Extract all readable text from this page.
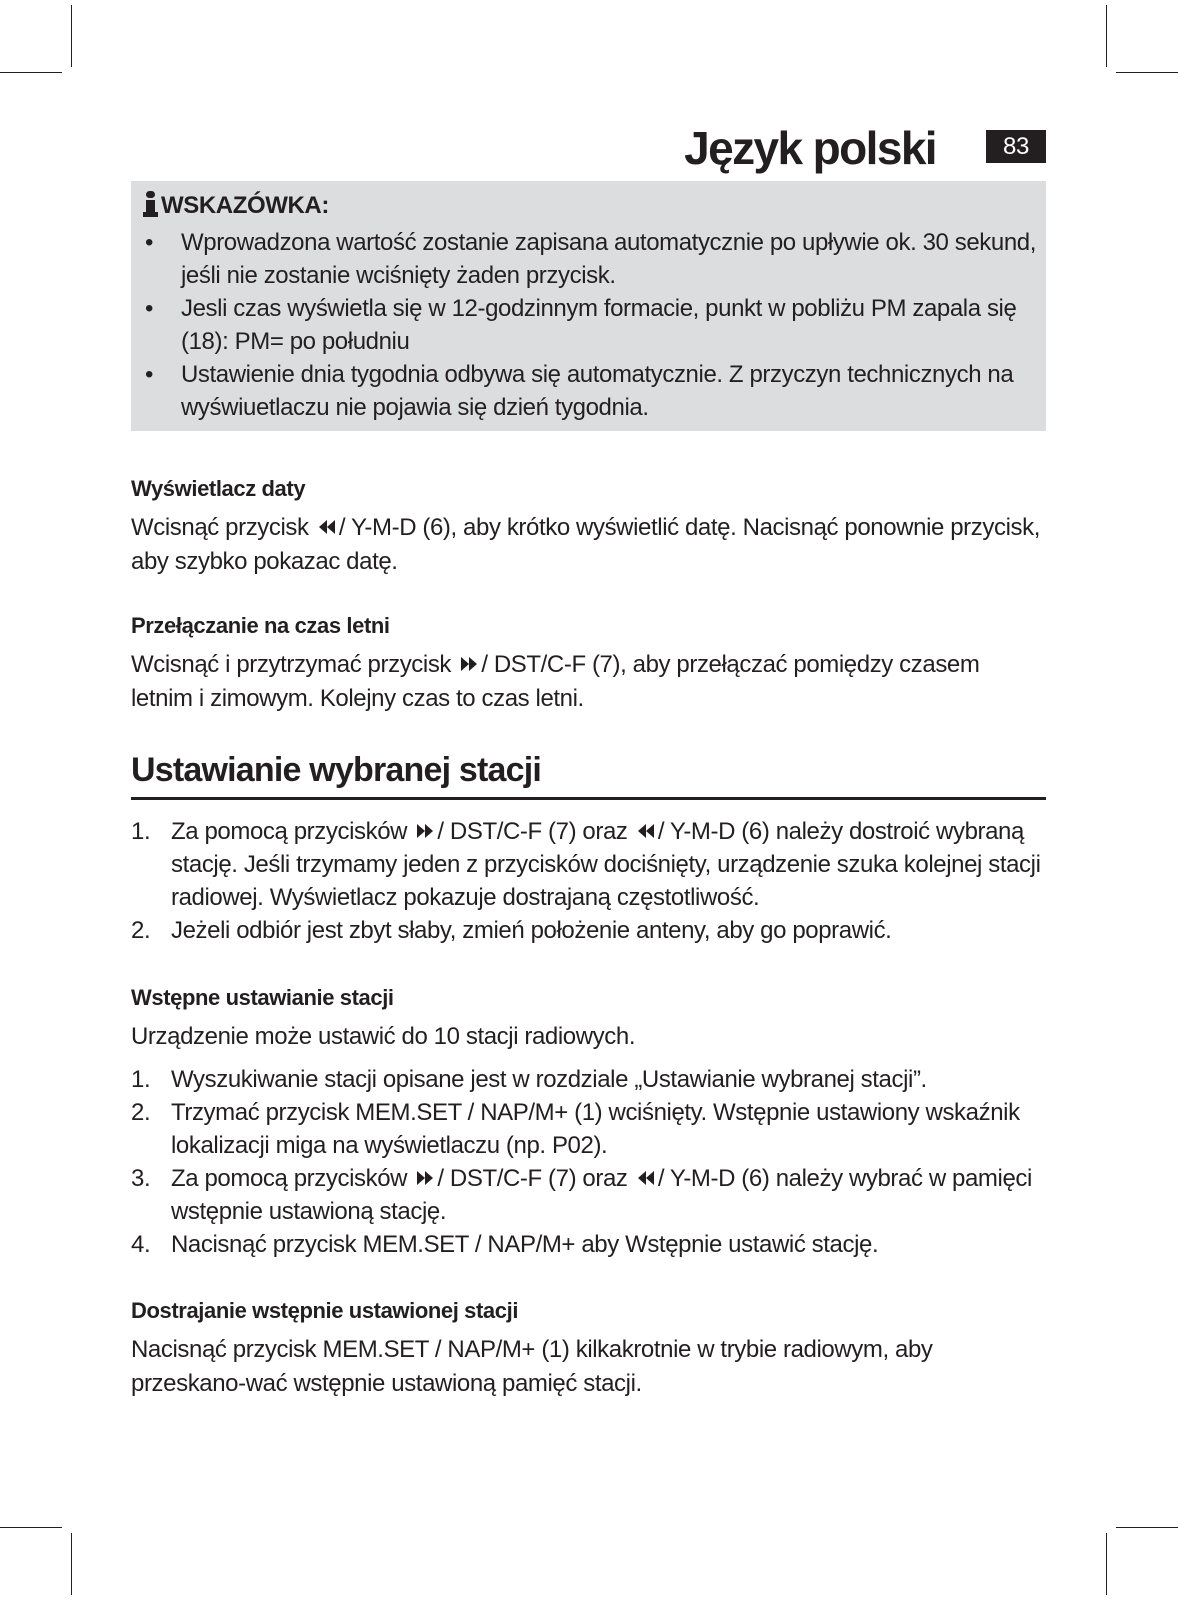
Język polski	83
WSKAZÓWKA:
• Wprowadzona wartość zostanie zapisana automatycznie po upływie ok. 30 sekund, jeśli nie zostanie wciśnięty żaden przycisk.
• Jesli czas wyświetla się w 12-godzinnym formacie, punkt w pobliżu PM zapala się (18): PM= po południu
• Ustawienie dnia tygodnia odbywa się automatycznie. Z przyczyn technicznych na wyświuetlaczu nie pojawia się dzień tygodnia.
Wyświetlacz daty
Wcisnąć przycisk / Y-M-D (6), aby krótko wyświetlić datę. Nacisnąć ponownie przycisk, aby szybko pokazac datę.
Przełączanie na czas letni
Wcisnąć i przytrzymać przycisk / DST/C-F (7), aby przełączać pomiędzy czasem letnim i zimowym. Kolejny czas to czas letni.
Ustawianie wybranej stacji
1. Za pomocą przycisków / DST/C-F (7) oraz / Y-M-D (6) należy dostroić wybraną stację. Jeśli trzymamy jeden z przycisków dociśnięty, urządzenie szuka kolejnej stacji radiowej. Wyświetlacz pokazuje dostrajaną częstotliwość.
2. Jeżeli odbiór jest zbyt słaby, zmień położenie anteny, aby go poprawić.
Wstępne ustawianie stacji
Urządzenie może ustawić do 10 stacji radiowych.
1. Wyszukiwanie stacji opisane jest w rozdziale „Ustawianie wybranej stacji”.
2. Trzymać przycisk MEM.SET / NAP/M+ (1) wciśnięty. Wstępnie ustawiony wskaźnik lokalizacji miga na wyświetlaczu (np. P02).
3. Za pomocą przycisków / DST/C-F (7) oraz / Y-M-D (6) należy wybrać w pamięci wstępnie ustawioną stację.
4. Nacisnąć przycisk MEM.SET / NAP/M+ aby Wstępnie ustawić stację.
Dostrajanie wstępnie ustawionej stacji
Nacisnąć przycisk MEM.SET / NAP/M+ (1) kilkakrotnie w trybie radiowym, aby przeskano-wać wstępnie ustawioną pamięć stacji.
